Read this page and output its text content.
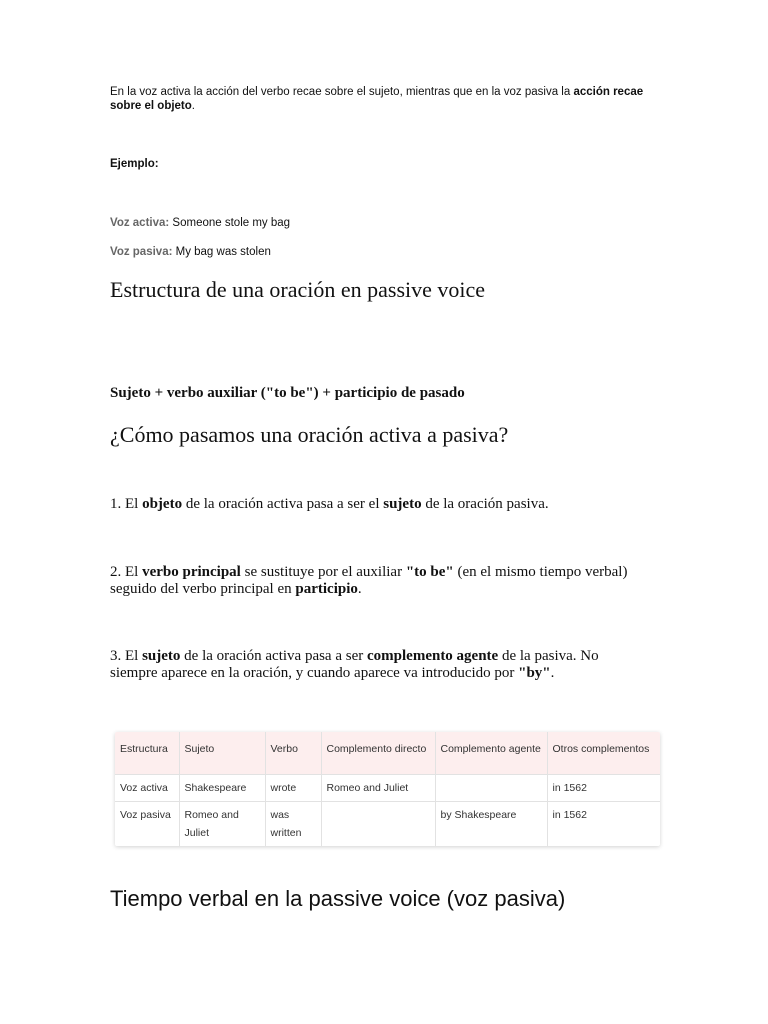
En la voz activa la acción del verbo recae sobre el sujeto, mientras que en la voz pasiva la acción recae sobre el objeto.
Ejemplo:
Voz activa: Someone stole my bag
Voz pasiva: My bag was stolen
Estructura de una oración en passive voice
Sujeto + verbo auxiliar ("to be") + participio de pasado
¿Cómo pasamos una oración activa a pasiva?
1. El objeto de la oración activa pasa a ser el sujeto de la oración pasiva.
2. El verbo principal se sustituye por el auxiliar "to be" (en el mismo tiempo verbal) seguido del verbo principal en participio.
3. El sujeto de la oración activa pasa a ser complemento agente de la pasiva. No siempre aparece en la oración, y cuando aparece va introducido por "by".
Estructura	Sujeto	Verbo	Complemento directo	Complemento agente	Otros complementos
Voz activa	Shakespeare	wrote	Romeo and Juliet		in 1562
Voz pasiva	Romeo and Juliet	was written		by Shakespeare	in 1562
Tiempo verbal en la passive voice (voz pasiva)
